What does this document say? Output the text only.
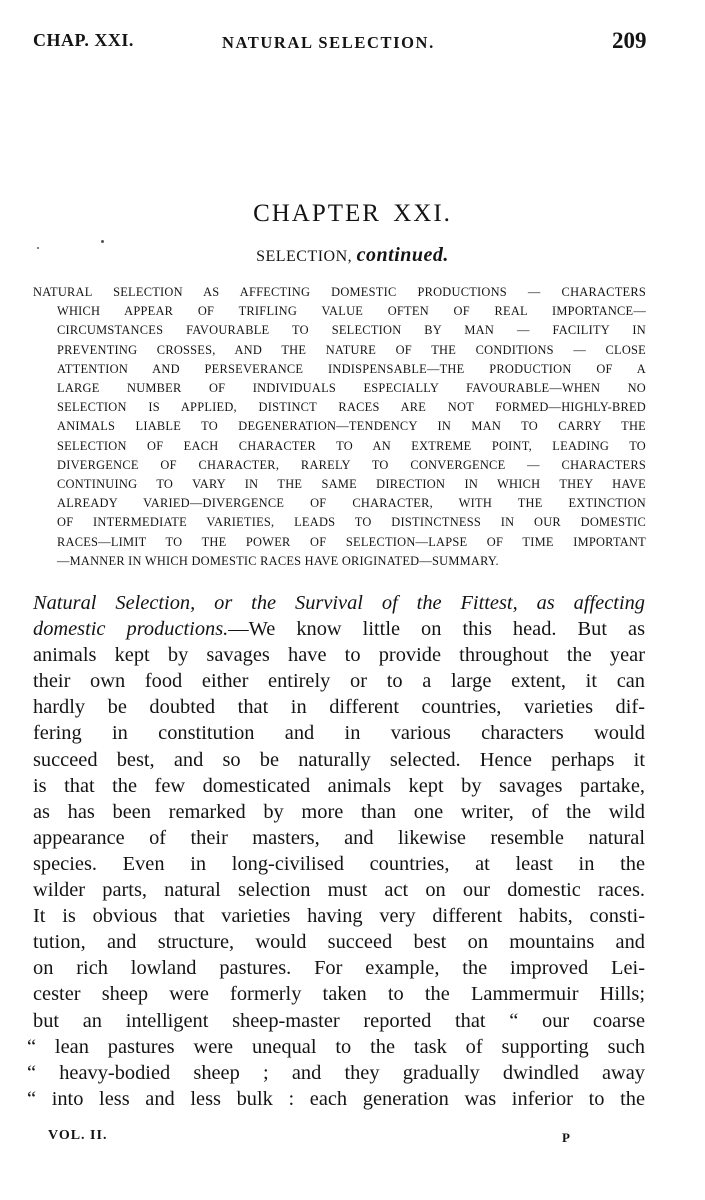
CHAP. XXI.	NATURAL SELECTION.	209
CHAPTER XXI.
SELECTION, continued.
NATURAL SELECTION AS AFFECTING DOMESTIC PRODUCTIONS — CHARACTERS
WHICH APPEAR OF TRIFLING VALUE OFTEN OF REAL IMPORTANCE—
CIRCUMSTANCES FAVOURABLE TO SELECTION BY MAN — FACILITY IN
PREVENTING CROSSES, AND THE NATURE OF THE CONDITIONS — CLOSE
ATTENTION AND PERSEVERANCE INDISPENSABLE—THE PRODUCTION OF A
LARGE NUMBER OF INDIVIDUALS ESPECIALLY FAVOURABLE—WHEN NO
SELECTION IS APPLIED, DISTINCT RACES ARE NOT FORMED—HIGHLY-BRED
ANIMALS LIABLE TO DEGENERATION—TENDENCY IN MAN TO CARRY THE
SELECTION OF EACH CHARACTER TO AN EXTREME POINT, LEADING TO
DIVERGENCE OF CHARACTER, RARELY TO CONVERGENCE — CHARACTERS
CONTINUING TO VARY IN THE SAME DIRECTION IN WHICH THEY HAVE
ALREADY VARIED—DIVERGENCE OF CHARACTER, WITH THE EXTINCTION
OF INTERMEDIATE VARIETIES, LEADS TO DISTINCTNESS IN OUR DOMESTIC
RACES—LIMIT TO THE POWER OF SELECTION—LAPSE OF TIME IMPORTANT
—MANNER IN WHICH DOMESTIC RACES HAVE ORIGINATED—SUMMARY.
Natural Selection, or the Survival of the Fittest, as affecting
domestic productions.—We know little on this head. But as
animals kept by savages have to provide throughout the year
their own food either entirely or to a large extent, it can
hardly be doubted that in different countries, varieties dif-
fering in constitution and in various characters would
succeed best, and so be naturally selected. Hence perhaps it
is that the few domesticated animals kept by savages partake,
as has been remarked by more than one writer, of the wild
appearance of their masters, and likewise resemble natural
species. Even in long-civilised countries, at least in the
wilder parts, natural selection must act on our domestic races.
It is obvious that varieties having very different habits, consti-
tution, and structure, would succeed best on mountains and
on rich lowland pastures. For example, the improved Lei-
cester sheep were formerly taken to the Lammermuir Hills;
but an intelligent sheep-master reported that “ our coarse
“ lean pastures were unequal to the task of supporting such
“ heavy-bodied sheep ; and they gradually dwindled away
“ into less and less bulk : each generation was inferior to the
VOL. II.	P
